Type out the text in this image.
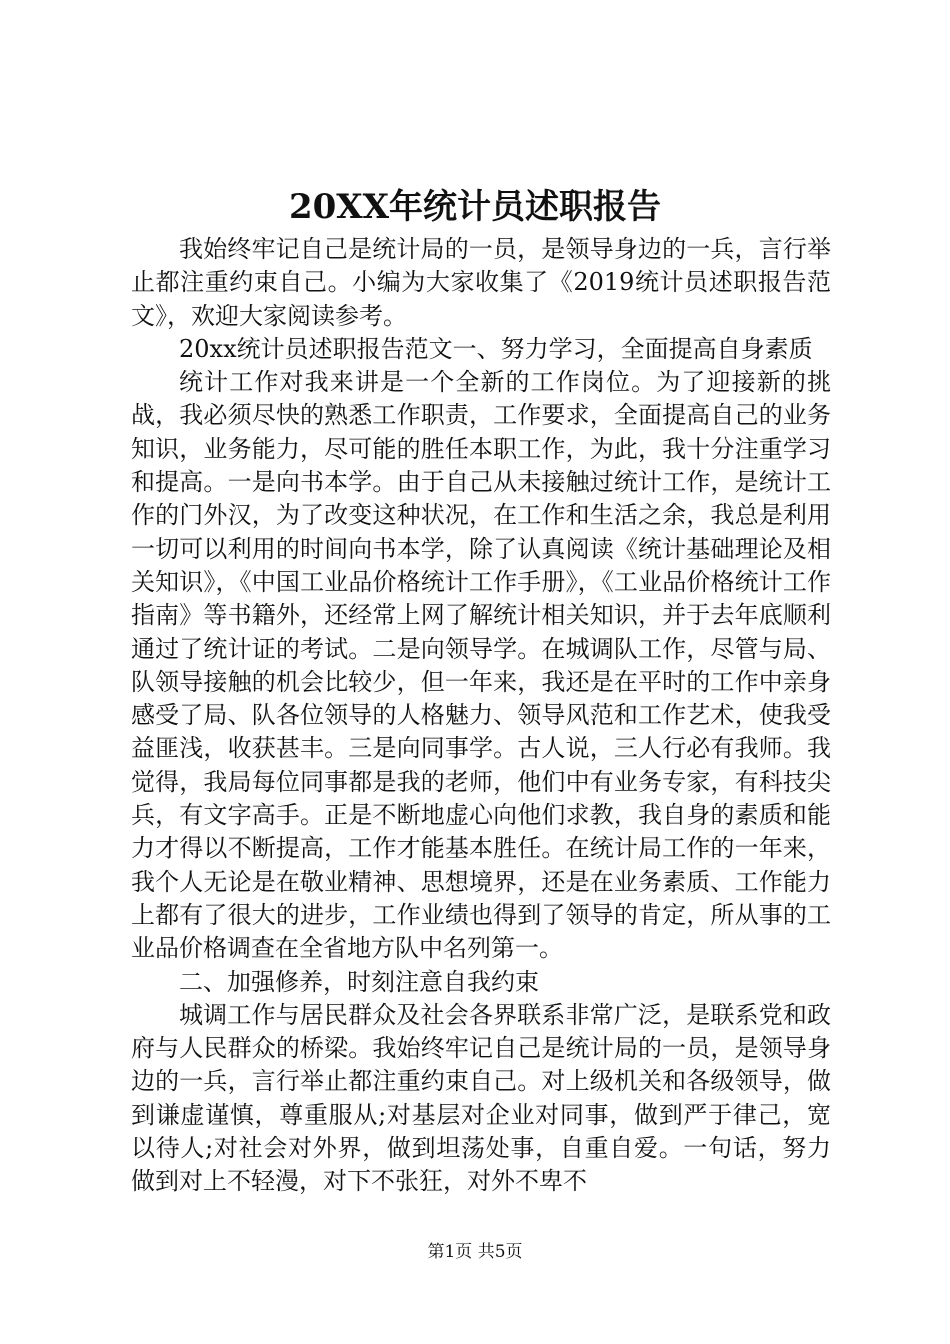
20XX年统计员述职报告

我始终牢记自己是统计局的一员，是领导身边的一兵，言行举止都注重约束自己。小编为大家收集了《2019统计员述职报告范文》，欢迎大家阅读参考。

20xx统计员述职报告范文一、努力学习，全面提高自身素质

统计工作对我来讲是一个全新的工作岗位。为了迎接新的挑战，我必须尽快的熟悉工作职责，工作要求，全面提高自己的业务知识，业务能力，尽可能的胜任本职工作，为此，我十分注重学习和提高。一是向书本学。由于自己从未接触过统计工作，是统计工作的门外汉，为了改变这种状况，在工作和生活之余，我总是利用一切可以利用的时间向书本学，除了认真阅读《统计基础理论及相关知识》，《中国工业品价格统计工作手册》，《工业品价格统计工作指南》等书籍外，还经常上网了解统计相关知识，并于去年底顺利通过了统计证的考试。二是向领导学。在城调队工作，尽管与局、队领导接触的机会比较少，但一年来，我还是在平时的工作中亲身感受了局、队各位领导的人格魅力、领导风范和工作艺术，使我受益匪浅，收获甚丰。三是向同事学。古人说，三人行必有我师。我觉得，我局每位同事都是我的老师，他们中有业务专家，有科技尖兵，有文字高手。正是不断地虚心向他们求教，我自身的素质和能力才得以不断提高，工作才能基本胜任。在统计局工作的一年来，我个人无论是在敬业精神、思想境界，还是在业务素质、工作能力上都有了很大的进步，工作业绩也得到了领导的肯定，所从事的工业品价格调查在全省地方队中名列第一。

二、加强修养，时刻注意自我约束

城调工作与居民群众及社会各界联系非常广泛，是联系党和政府与人民群众的桥梁。我始终牢记自己是统计局的一员，是领导身边的一兵，言行举止都注重约束自己。对上级机关和各级领导，做到谦虚谨慎，尊重服从;对基层对企业对同事，做到严于律己，宽以待人;对社会对外界，做到坦荡处事，自重自爱。一句话，努力做到对上不轻漫，对下不张狂，对外不卑不

第1页 共5页
